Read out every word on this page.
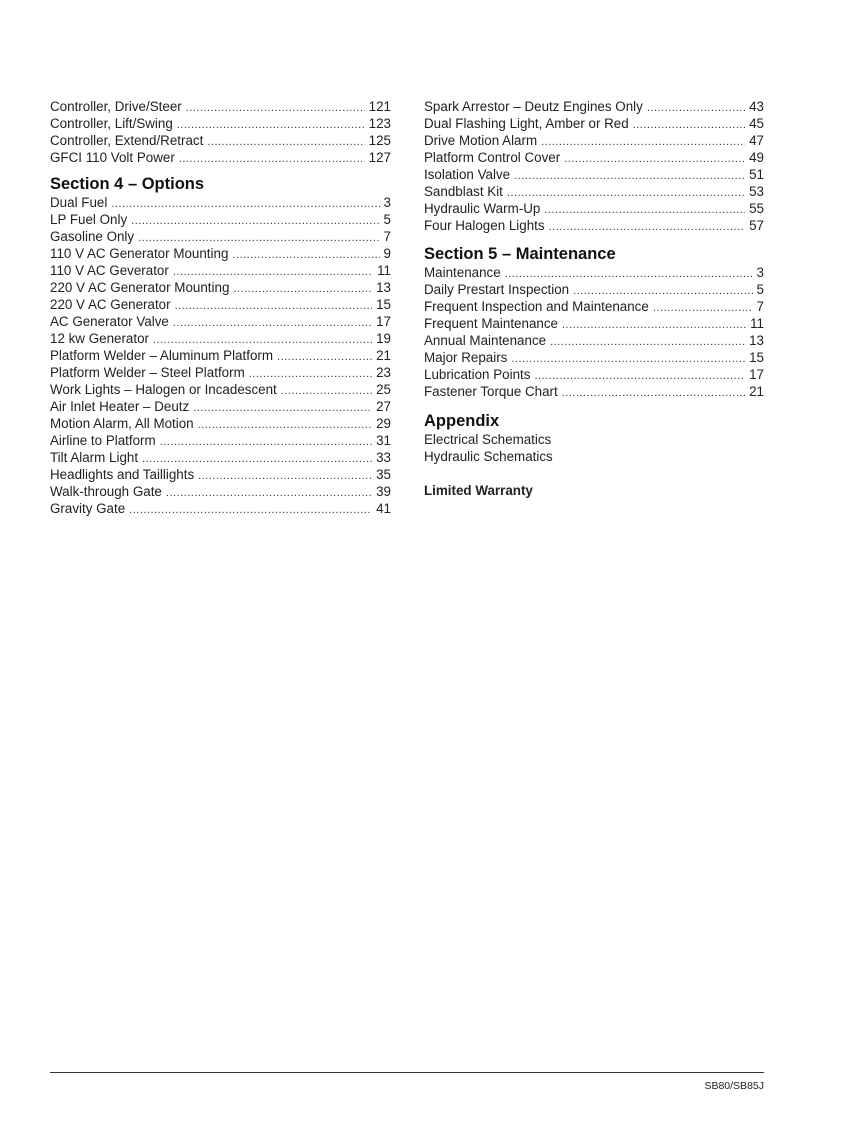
Controller, Drive/Steer .....	121
Controller, Lift/Swing .....	123
Controller, Extend/Retract .....	125
GFCI 110 Volt Power .....	127
Section 4 – Options
Dual Fuel .....	3
LP Fuel Only .....	5
Gasoline Only .....	7
110 V AC Generator Mounting .....	9
110 V AC Geverator .....	11
220 V AC Generator Mounting .....	13
220 V AC Generator .....	15
AC Generator Valve .....	17
12 kw Generator .....	19
Platform Welder – Aluminum Platform .....	21
Platform Welder – Steel Platform .....	23
Work Lights – Halogen or Incadescent .....	25
Air Inlet Heater – Deutz .....	27
Motion Alarm, All Motion .....	29
Airline to Platform .....	31
Tilt Alarm Light .....	33
Headlights and Taillights .....	35
Walk-through Gate .....	39
Gravity Gate .....	41
Spark Arrestor – Deutz Engines Only .....	43
Dual Flashing Light, Amber or Red .....	45
Drive Motion Alarm .....	47
Platform Control Cover .....	49
Isolation Valve .....	51
Sandblast Kit .....	53
Hydraulic Warm-Up .....	55
Four Halogen Lights .....	57
Section 5 – Maintenance
Maintenance .....	3
Daily Prestart Inspection .....	5
Frequent Inspection and Maintenance .....	7
Frequent Maintenance .....	11
Annual Maintenance .....	13
Major Repairs .....	15
Lubrication Points .....	17
Fastener Torque Chart .....	21
Appendix
Electrical Schematics
Hydraulic Schematics
Limited Warranty
SB80/SB85J
